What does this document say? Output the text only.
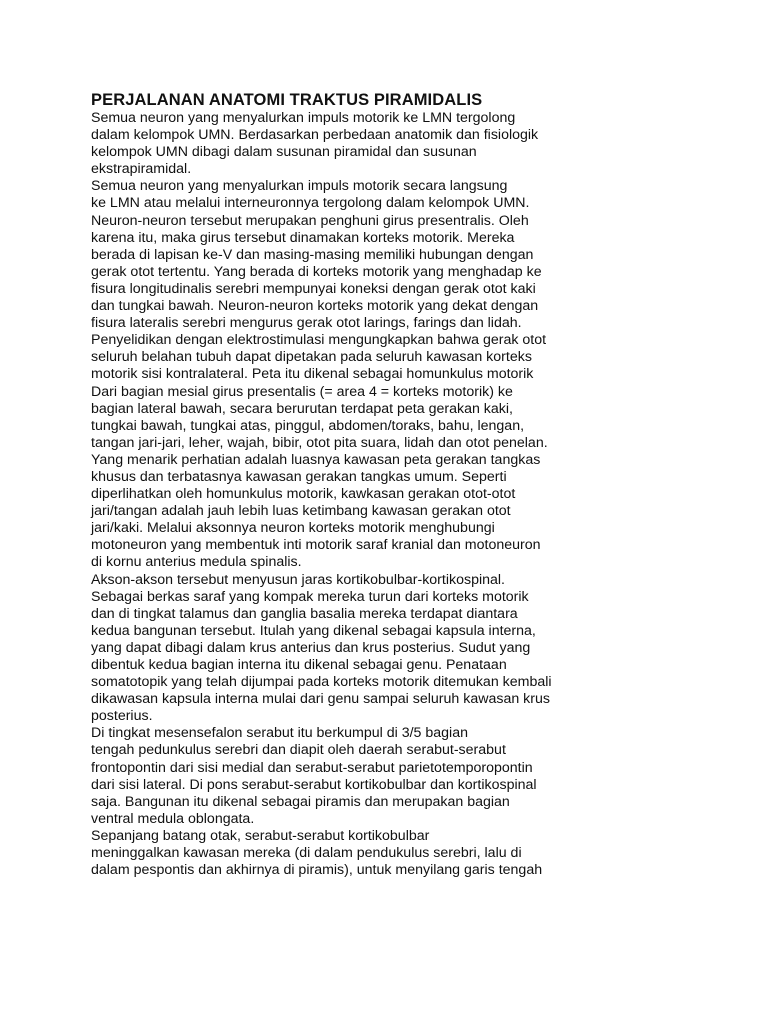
PERJALANAN ANATOMI TRAKTUS PIRAMIDALIS
Semua neuron yang menyalurkan impuls motorik ke LMN tergolong
dalam kelompok UMN. Berdasarkan perbedaan anatomik dan fisiologik
kelompok UMN dibagi dalam susunan piramidal dan susunan
ekstrapiramidal.
Semua neuron yang menyalurkan impuls motorik secara langsung
ke LMN atau melalui interneuronnya tergolong dalam kelompok UMN.
Neuron-neuron tersebut merupakan penghuni girus presentralis. Oleh
karena itu, maka girus tersebut dinamakan korteks motorik. Mereka
berada di lapisan ke-V dan masing-masing memiliki hubungan dengan
gerak otot tertentu. Yang berada di korteks motorik yang menghadap ke
fisura longitudinalis serebri mempunyai koneksi dengan gerak otot kaki
dan tungkai bawah. Neuron-neuron korteks motorik yang dekat dengan
fisura lateralis serebri mengurus gerak otot larings, farings dan lidah.
Penyelidikan dengan elektrostimulasi mengungkapkan bahwa gerak otot
seluruh belahan tubuh dapat dipetakan pada seluruh kawasan korteks
motorik sisi kontralateral. Peta itu dikenal sebagai homunkulus motorik
Dari bagian mesial girus presentalis (= area 4 = korteks motorik) ke
bagian lateral bawah, secara berurutan terdapat peta gerakan kaki,
tungkai bawah, tungkai atas, pinggul, abdomen/toraks, bahu, lengan,
tangan jari-jari, leher, wajah, bibir, otot pita suara, lidah dan otot penelan.
Yang menarik perhatian adalah luasnya kawasan peta gerakan tangkas
khusus dan terbatasnya kawasan gerakan tangkas umum. Seperti
diperlihatkan oleh homunkulus motorik, kawkasan gerakan otot-otot
jari/tangan adalah jauh lebih luas ketimbang kawasan gerakan otot
jari/kaki. Melalui aksonnya neuron korteks motorik menghubungi
motoneuron yang membentuk inti motorik saraf kranial dan motoneuron
di kornu anterius medula spinalis.
Akson-akson tersebut menyusun jaras kortikobulbar-kortikospinal.
Sebagai berkas saraf yang kompak mereka turun dari korteks motorik
dan di tingkat talamus dan ganglia basalia mereka terdapat diantara
kedua bangunan tersebut. Itulah yang dikenal sebagai kapsula interna,
yang dapat dibagi dalam krus anterius dan krus posterius. Sudut yang
dibentuk kedua bagian interna itu dikenal sebagai genu. Penataan
somatotopik yang telah dijumpai pada korteks motorik ditemukan kembali
dikawasan kapsula interna mulai dari genu sampai seluruh kawasan krus
posterius.
Di tingkat mesensefalon serabut itu berkumpul di 3/5 bagian
tengah pedunkulus serebri dan diapit oleh daerah serabut-serabut
frontopontin dari sisi medial dan serabut-serabut parietotemporopontin
dari sisi lateral. Di pons serabut-serabut kortikobulbar dan kortikospinal
saja. Bangunan itu dikenal sebagai piramis dan merupakan bagian
ventral medula oblongata.
Sepanjang batang otak, serabut-serabut kortikobulbar
meninggalkan kawasan mereka (di dalam pendukulus serebri, lalu di
dalam pespontis dan akhirnya di piramis), untuk menyilang garis tengah
